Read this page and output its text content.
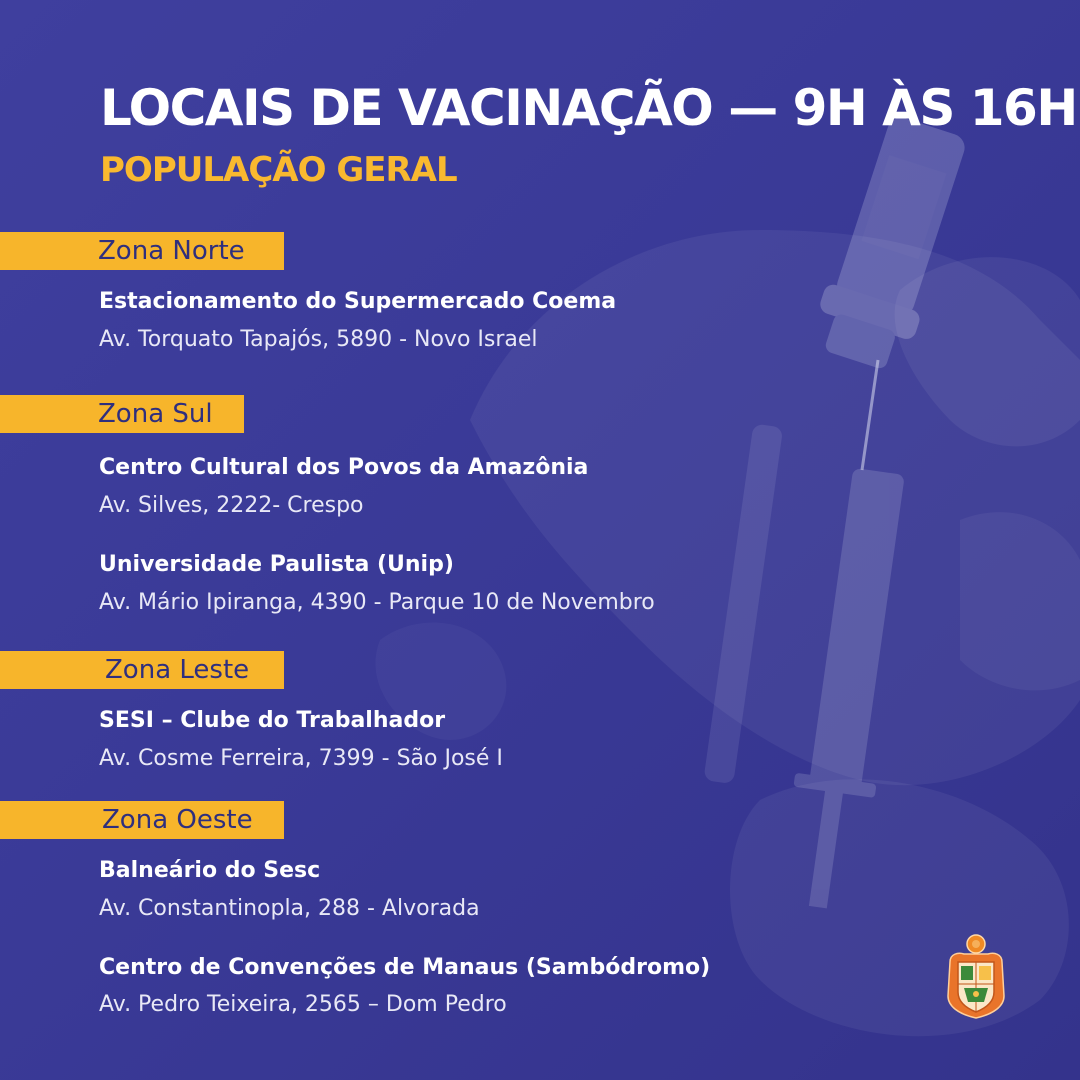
LOCAIS DE VACINAÇÃO — 9H ÀS 16H
POPULAÇÃO GERAL
Zona Norte

Estacionamento do Supermercado Coema

Av. Torquato Tapajós, 5890 - Novo Israel

Zona Sul

Centro Cultural dos Povos da Amazônia

Av. Silves, 2222- Crespo

Universidade Paulista (Unip)

Av. Mário Ipiranga, 4390 - Parque 10 de Novembro

Zona Leste

SESI – Clube do Trabalhador

Av. Cosme Ferreira, 7399 - São José I

Zona Oeste

Balneário do Sesc

Av. Constantinopla, 288 - Alvorada

Centro de Convenções de Manaus (Sambódromo)

Av. Pedro Teixeira, 2565 – Dom Pedro
